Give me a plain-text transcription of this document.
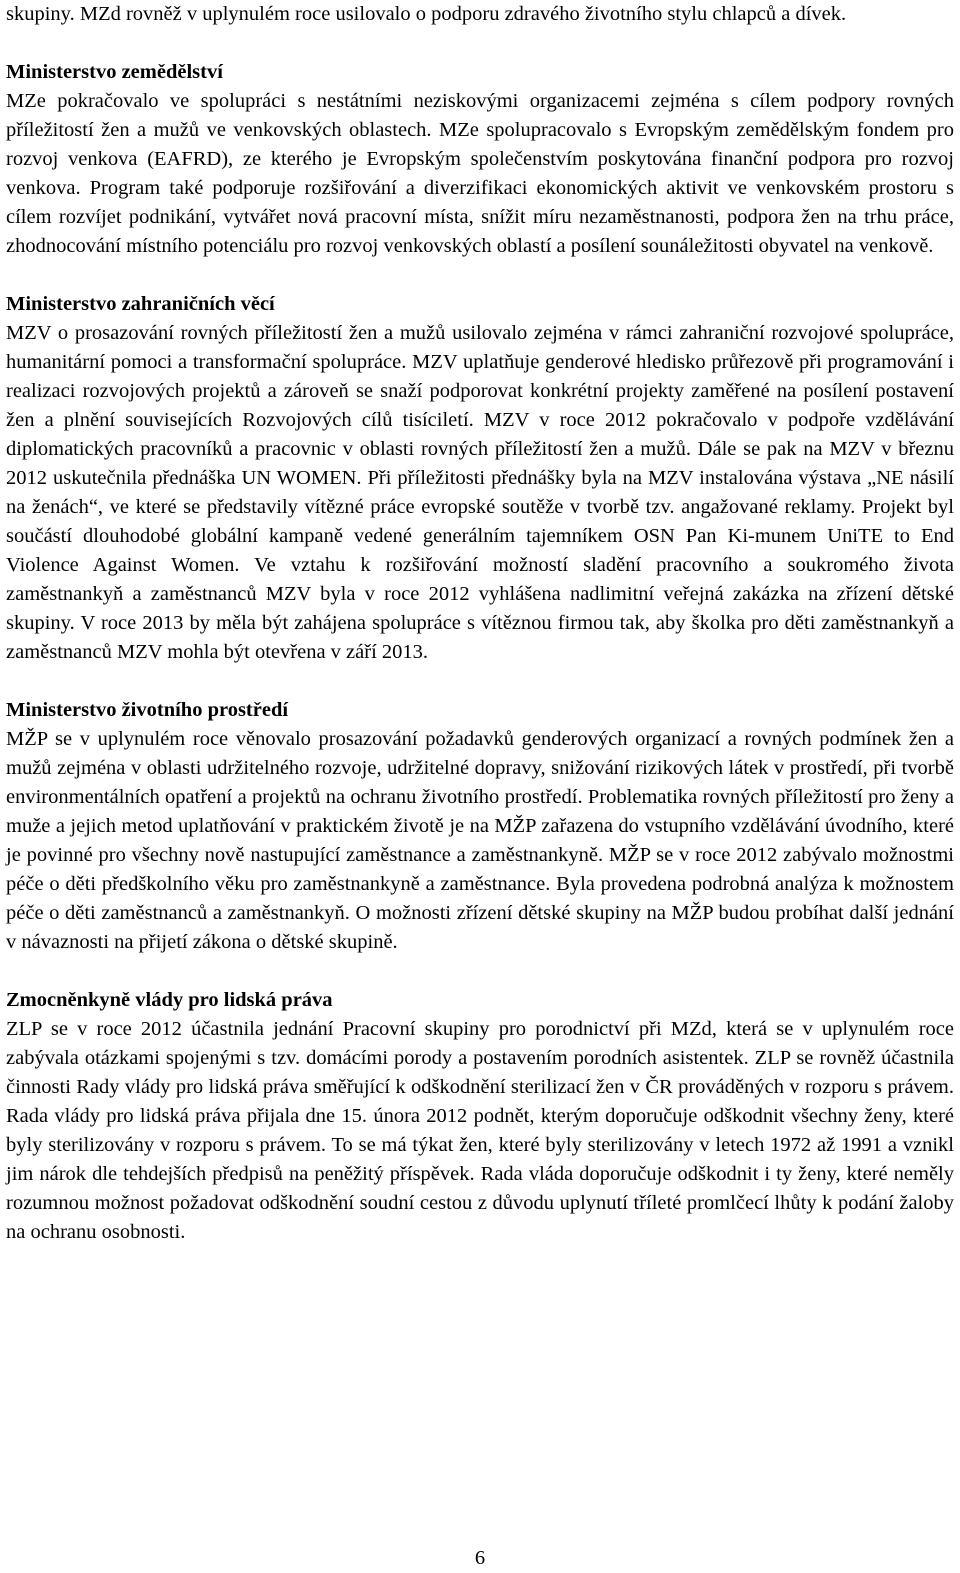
skupiny. MZd rovněž v uplynulém roce usilovalo o podporu zdravého životního stylu chlapců a dívek.

Ministerstvo zemědělství

MZe pokračovalo ve spolupráci s nestátními neziskovými organizacemi zejména s cílem podpory rovných příležitostí žen a mužů ve venkovských oblastech. MZe spolupracovalo s Evropským zemědělským fondem pro rozvoj venkova (EAFRD), ze kterého je Evropským společenstvím poskytována finanční podpora pro rozvoj venkova. Program také podporuje rozšiřování a diverzifikaci ekonomických aktivit ve venkovském prostoru s cílem rozvíjet podnikání, vytvářet nová pracovní místa, snížit míru nezaměstnanosti, podpora žen na trhu práce, zhodnocování místního potenciálu pro rozvoj venkovských oblastí a posílení sounáležitosti obyvatel na venkově.

Ministerstvo zahraničních věcí

MZV o prosazování rovných příležitostí žen a mužů usilovalo zejména v rámci zahraniční rozvojové spolupráce, humanitární pomoci a transformační spolupráce. MZV uplatňuje genderové hledisko průřezově při programování i realizaci rozvojových projektů a zároveň se snaží podporovat konkrétní projekty zaměřené na posílení postavení žen a plnění souvisejících Rozvojových cílů tisíciletí. MZV v roce 2012 pokračovalo v podpoře vzdělávání diplomatických pracovníků a pracovnic v oblasti rovných příležitostí žen a mužů. Dále se pak na MZV v březnu 2012 uskutečnila přednáška UN WOMEN. Při příležitosti přednášky byla na MZV instalována výstava „NE násilí na ženách“, ve které se představily vítězné práce evropské soutěže v tvorbě tzv. angažované reklamy. Projekt byl součástí dlouhodobé globální kampaně vedené generálním tajemníkem OSN Pan Ki-munem UniTE to End Violence Against Women. Ve vztahu k rozšiřování možností sladění pracovního a soukromého života zaměstnankyň a zaměstnanců MZV byla v roce 2012 vyhlášena nadlimitní veřejná zakázka na zřízení dětské skupiny. V roce 2013 by měla být zahájena spolupráce s vítěznou firmou tak, aby školka pro děti zaměstnankyň a zaměstnanců MZV mohla být otevřena v září 2013.

Ministerstvo životního prostředí

MŽP se v uplynulém roce věnovalo prosazování požadavků genderových organizací a rovných podmínek žen a mužů zejména v oblasti udržitelného rozvoje, udržitelné dopravy, snižování rizikových látek v prostředí, při tvorbě environmentálních opatření a projektů na ochranu životního prostředí. Problematika rovných příležitostí pro ženy a muže a jejich metod uplatňování v praktickém životě je na MŽP zařazena do vstupního vzdělávání úvodního, které je povinné pro všechny nově nastupující zaměstnance a zaměstnankyně. MŽP se v roce 2012 zabývalo možnostmi péče o děti předškolního věku pro zaměstnankyně a zaměstnance. Byla provedena podrobná analýza k možnostem péče o děti zaměstnanců a zaměstnankyň. O možnosti zřízení dětské skupiny na MŽP budou probíhat další jednání v návaznosti na přijetí zákona o dětské skupině.

Zmocněnkyně vlády pro lidská práva

ZLP se v roce 2012 účastnila jednání Pracovní skupiny pro porodnictví při MZd, která se v uplynulém roce zabývala otázkami spojenými s tzv. domácími porody a postavením porodních asistentek. ZLP se rovněž účastnila činnosti Rady vlády pro lidská práva směřující k odškodnění sterilizací žen v ČR prováděných v rozporu s právem. Rada vlády pro lidská práva přijala dne 15. února 2012 podnět, kterým doporučuje odškodnit všechny ženy, které byly sterilizovány v rozporu s právem. To se má týkat žen, které byly sterilizovány v letech 1972 až 1991 a vznikl jim nárok dle tehdejších předpisů na peněžitý příspěvek. Rada vláda doporučuje odškodnit i ty ženy, které neměly rozumnou možnost požadovat odškodnění soudní cestou z důvodu uplynutí tříleté promlčecí lhůty k podání žaloby na ochranu osobnosti.

6
